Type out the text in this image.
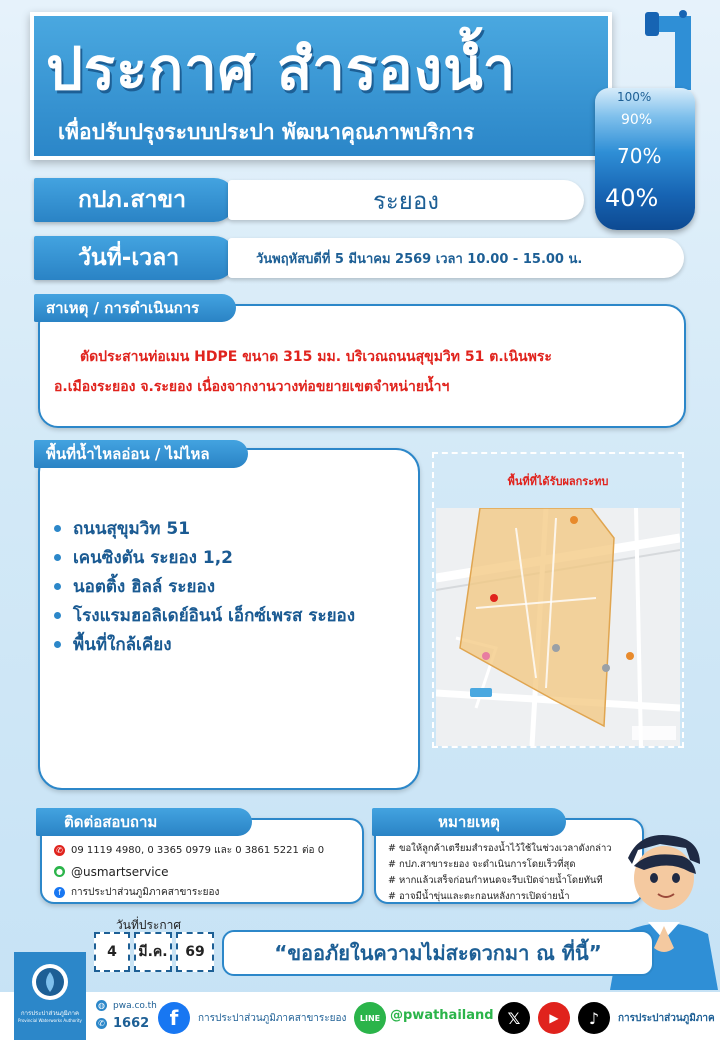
ประกาศ สำรองน้ำ
เพื่อปรับปรุงระบบประปา พัฒนาคุณภาพบริการ
100%
90%
70%
40%
กปภ.สาขา	ระยอง
วันที่-เวลา	วันพฤหัสบดีที่ 5 มีนาคม 2569 เวลา 10.00 - 15.00 น.
ตัดประสานท่อเมน HDPE ขนาด 315 มม. บริเวณถนนสุขุมวิท 51 ต.เนินพระ
อ.เมืองระยอง จ.ระยอง เนื่องจากงานวางท่อขยายเขตจำหน่ายน้ำฯ
สาเหตุ / การดำเนินการ
ถนนสุขุมวิท 51
เคนซิงตัน ระยอง 1,2
นอตติ้ง ฮิลล์ ระยอง
โรงแรมฮอลิเดย์อินน์ เอ็กซ์เพรส ระยอง
พื้นที่ใกล้เคียง
พื้นที่น้ำไหลอ่อน / ไม่ไหล
พื้นที่ที่ได้รับผลกระทบ
✆ 09 1119 4980, 0 3365 0979 และ 0 3861 5221 ต่อ 0
● @usmartservice
f	การประปาส่วนภูมิภาคสาขาระยอง
ติดต่อสอบถาม
# ขอให้ลูกค้าเตรียมสำรองน้ำไว้ใช้ในช่วงเวลาดังกล่าว
# กปภ.สาขาระยอง จะดำเนินการโดยเร็วที่สุด
# หากแล้วเสร็จก่อนกำหนดจะรีบเปิดจ่ายน้ำโดยทันที
# อาจมีน้ำขุ่นและตะกอนหลังการเปิดจ่ายน้ำ
หมายเหตุ
วันที่ประกาศ
4	มี.ค.	69	“ขออภัยในความไม่สะดวกมา ณ ที่นี้”
การประปาส่วนภูมิภาค
Provincial Waterworks Authority
◍ pwa.co.th
✆ 1662	f	การประปาส่วนภูมิภาคสาขาระยอง	LINE @pwathailand 𝕏	▶	♪	การประปาส่วนภูมิภาค
